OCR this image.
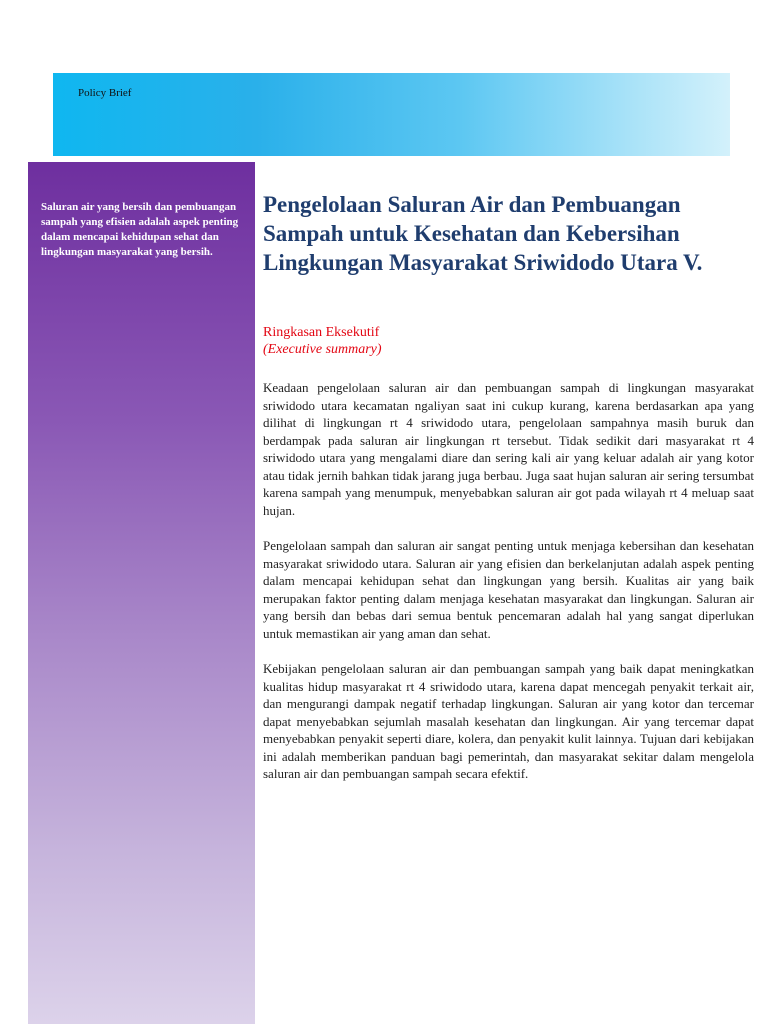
Policy Brief
Saluran air yang bersih dan pembuangan sampah yang efisien adalah aspek penting dalam mencapai kehidupan sehat dan lingkungan masyarakat yang bersih.
Pengelolaan Saluran Air dan Pembuangan Sampah untuk Kesehatan dan Kebersihan Lingkungan Masyarakat Sriwidodo Utara V.
Ringkasan Eksekutif
(Executive summary)

Keadaan pengelolaan saluran air dan pembuangan sampah di lingkungan masyarakat sriwidodo utara kecamatan ngaliyan saat ini cukup kurang, karena berdasarkan apa yang dilihat di lingkungan rt 4 sriwidodo utara, pengelolaan sampahnya masih buruk dan berdampak pada saluran air lingkungan rt tersebut. Tidak sedikit dari masyarakat rt 4 sriwidodo utara yang mengalami diare dan sering kali air yang keluar adalah air yang kotor atau tidak jernih bahkan tidak jarang juga berbau. Juga saat hujan saluran air sering tersumbat karena sampah yang menumpuk, menyebabkan saluran air got pada wilayah rt 4 meluap saat hujan.

Pengelolaan sampah dan saluran air sangat penting untuk menjaga kebersihan dan kesehatan masyarakat sriwidodo utara. Saluran air yang efisien dan berkelanjutan adalah aspek penting dalam mencapai kehidupan sehat dan lingkungan yang bersih. Kualitas air yang baik merupakan faktor penting dalam menjaga kesehatan masyarakat dan lingkungan. Saluran air yang bersih dan bebas dari semua bentuk pencemaran adalah hal yang sangat diperlukan untuk memastikan air yang aman dan sehat.

Kebijakan pengelolaan saluran air dan pembuangan sampah yang baik dapat meningkatkan kualitas hidup masyarakat rt 4 sriwidodo utara, karena dapat mencegah penyakit terkait air, dan mengurangi dampak negatif terhadap lingkungan. Saluran air yang kotor dan tercemar dapat menyebabkan sejumlah masalah kesehatan dan lingkungan. Air yang tercemar dapat menyebabkan penyakit seperti diare, kolera, dan penyakit kulit lainnya. Tujuan dari kebijakan ini adalah memberikan panduan bagi pemerintah, dan masyarakat sekitar dalam mengelola saluran air dan pembuangan sampah secara efektif.
